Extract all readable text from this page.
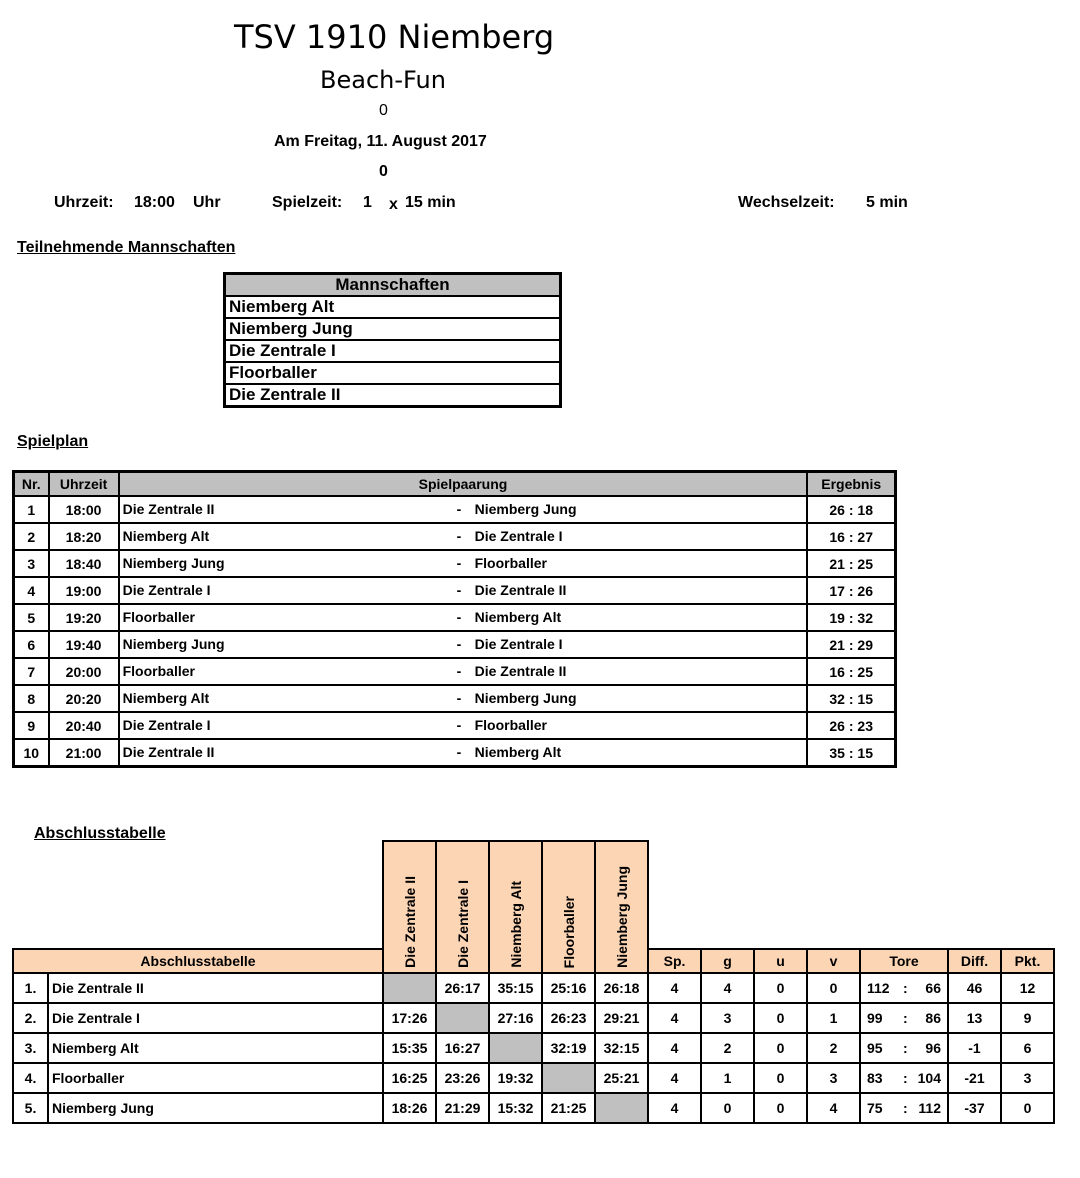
TSV 1910 Niemberg
Beach-Fun
0
Am Freitag, 11. August 2017
0
Uhrzeit: 18:00 Uhr	Spielzeit: 1 x 15 min	Wechselzeit: 5 min
Teilnehmende Mannschaften
Mannschaften
Niemberg Alt
Niemberg Jung
Die Zentrale I
Floorballer
Die Zentrale II
Spielplan
Nr.	Uhrzeit	Spielpaarung	Ergebnis
1	18:00	Die Zentrale II - Niemberg Jung	26 : 18
2	18:20	Niemberg Alt - Die Zentrale I	16 : 27
3	18:40	Niemberg Jung - Floorballer	21 : 25
4	19:00	Die Zentrale I - Die Zentrale II	17 : 26
5	19:20	Floorballer - Niemberg Alt	19 : 32
6	19:40	Niemberg Jung - Die Zentrale I	21 : 29
7	20:00	Floorballer - Die Zentrale II	16 : 25
8	20:20	Niemberg Alt - Niemberg Jung	32 : 15
9	20:40	Die Zentrale I - Floorballer	26 : 23
10	21:00	Die Zentrale II - Niemberg Alt	35 : 15
Abschlusstabelle

		Die Zentrale II	Die Zentrale I	Niemberg Alt	Floorballer	Niemberg Jung							

Abschlusstabelle							Sp.	g	u	v	Tore	Diff.	Pkt.
1.	Die Zentrale II		26:17	35:15	25:16	26:18	4	4	0	0	112 : 66	46	12
2.	Die Zentrale I	17:26		27:16	26:23	29:21	4	3	0	1	99 : 86	13	9
3.	Niemberg Alt	15:35	16:27		32:19	32:15	4	2	0	2	95 : 96	-1	6
4.	Floorballer	16:25	23:26	19:32		25:21	4	1	0	3	83 : 104	-21	3
5.	Niemberg Jung	18:26	21:29	15:32	21:25		4	0	0	4	75 : 112	-37	0
